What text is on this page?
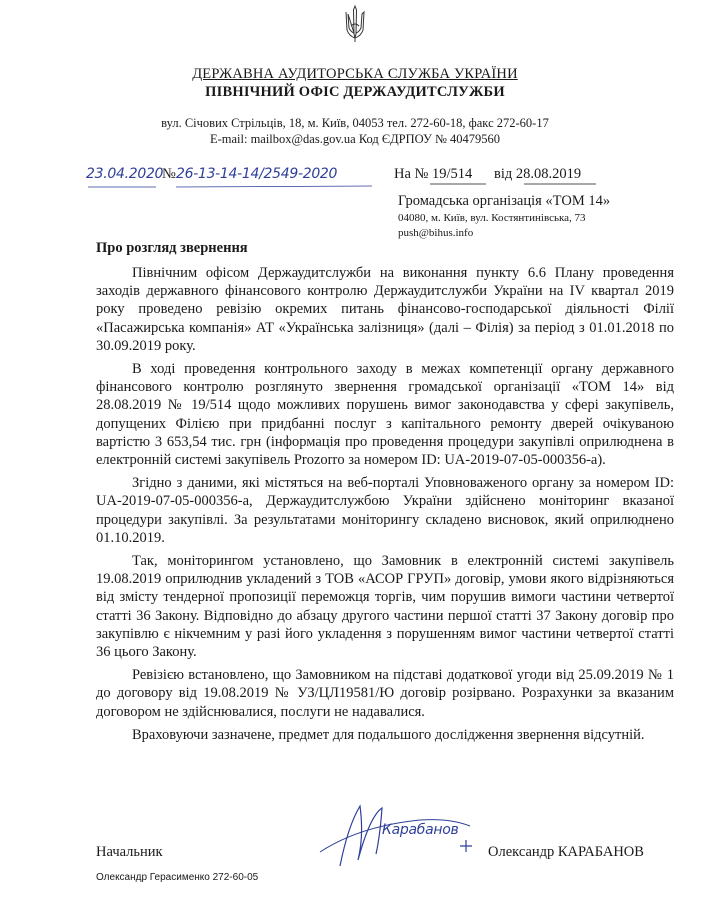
ДЕРЖАВНА АУДИТОРСЬКА СЛУЖБА УКРАЇНИ
ПІВНІЧНИЙ ОФІС ДЕРЖАУДИТСЛУЖБИ
вул. Січових Стрільців, 18, м. Київ, 04053 тел. 272-60-18, факс 272-60-17
E-mail: mailbox@das.gov.ua Код ЄДРПОУ № 40479560
23.04.2020
№ 26-13-14-14/2549-2020	На № 19/514      від 28.08.2019
Громадська організація «ТОМ 14»
04080, м. Київ, вул. Костянтинівська, 73
push@bihus.info
Про розгляд звернення

Північним офісом Держаудитслужби на виконання пункту 6.6 Плану проведення заходів державного фінансового контролю Держаудитслужби України на IV квартал 2019 року проведено ревізію окремих питань фінансово-господарської діяльності Філії «Пасажирська компанія» АТ «Українська залізниця» (далі – Філія) за період з 01.01.2018 по 30.09.2019 року.

В ході проведення контрольного заходу в межах компетенції органу державного фінансового контролю розглянуто звернення громадської організації «ТОМ 14» від 28.08.2019 № 19/514 щодо можливих порушень вимог законодавства у сфері закупівель, допущених Філією при придбанні послуг з капітального ремонту дверей очікуваною вартістю 3 653,54 тис. грн (інформація про проведення процедури закупівлі оприлюднена в електронній системі закупівель Prozorro за номером ID: UA-2019-07-05-000356-а).

Згідно з даними, які містяться на веб-порталі Уповноваженого органу за номером ID: UA-2019-07-05-000356-а, Держаудитслужбою України здійснено моніторинг вказаної процедури закупівлі. За результатами моніторингу складено висновок, який оприлюднено 01.10.2019.

Так, моніторингом установлено, що Замовник в електронній системі закупівель 19.08.2019 оприлюднив укладений з ТОВ «АСОР ГРУП» договір, умови якого відрізняються від змісту тендерної пропозиції переможця торгів, чим порушив вимоги частини четвертої статті 36 Закону. Відповідно до абзацу другого частини першої статті 37 Закону договір про закупівлю є нікчемним у разі його укладення з порушенням вимог частини четвертої статті 36 цього Закону.

Ревізією встановлено, що Замовником на підставі додаткової угоди від 25.09.2019 № 1 до договору від 19.08.2019 № УЗ/ЦЛ19581/Ю договір розірвано. Розрахунки за вказаним договором не здійснювалися, послуги не надавалися.

Враховуючи зазначене, предмет для подальшого дослідження звернення відсутній.

Начальник
Карабанов
Олександр КАРАБАНОВ
Олександр Герасименко 272-60-05
